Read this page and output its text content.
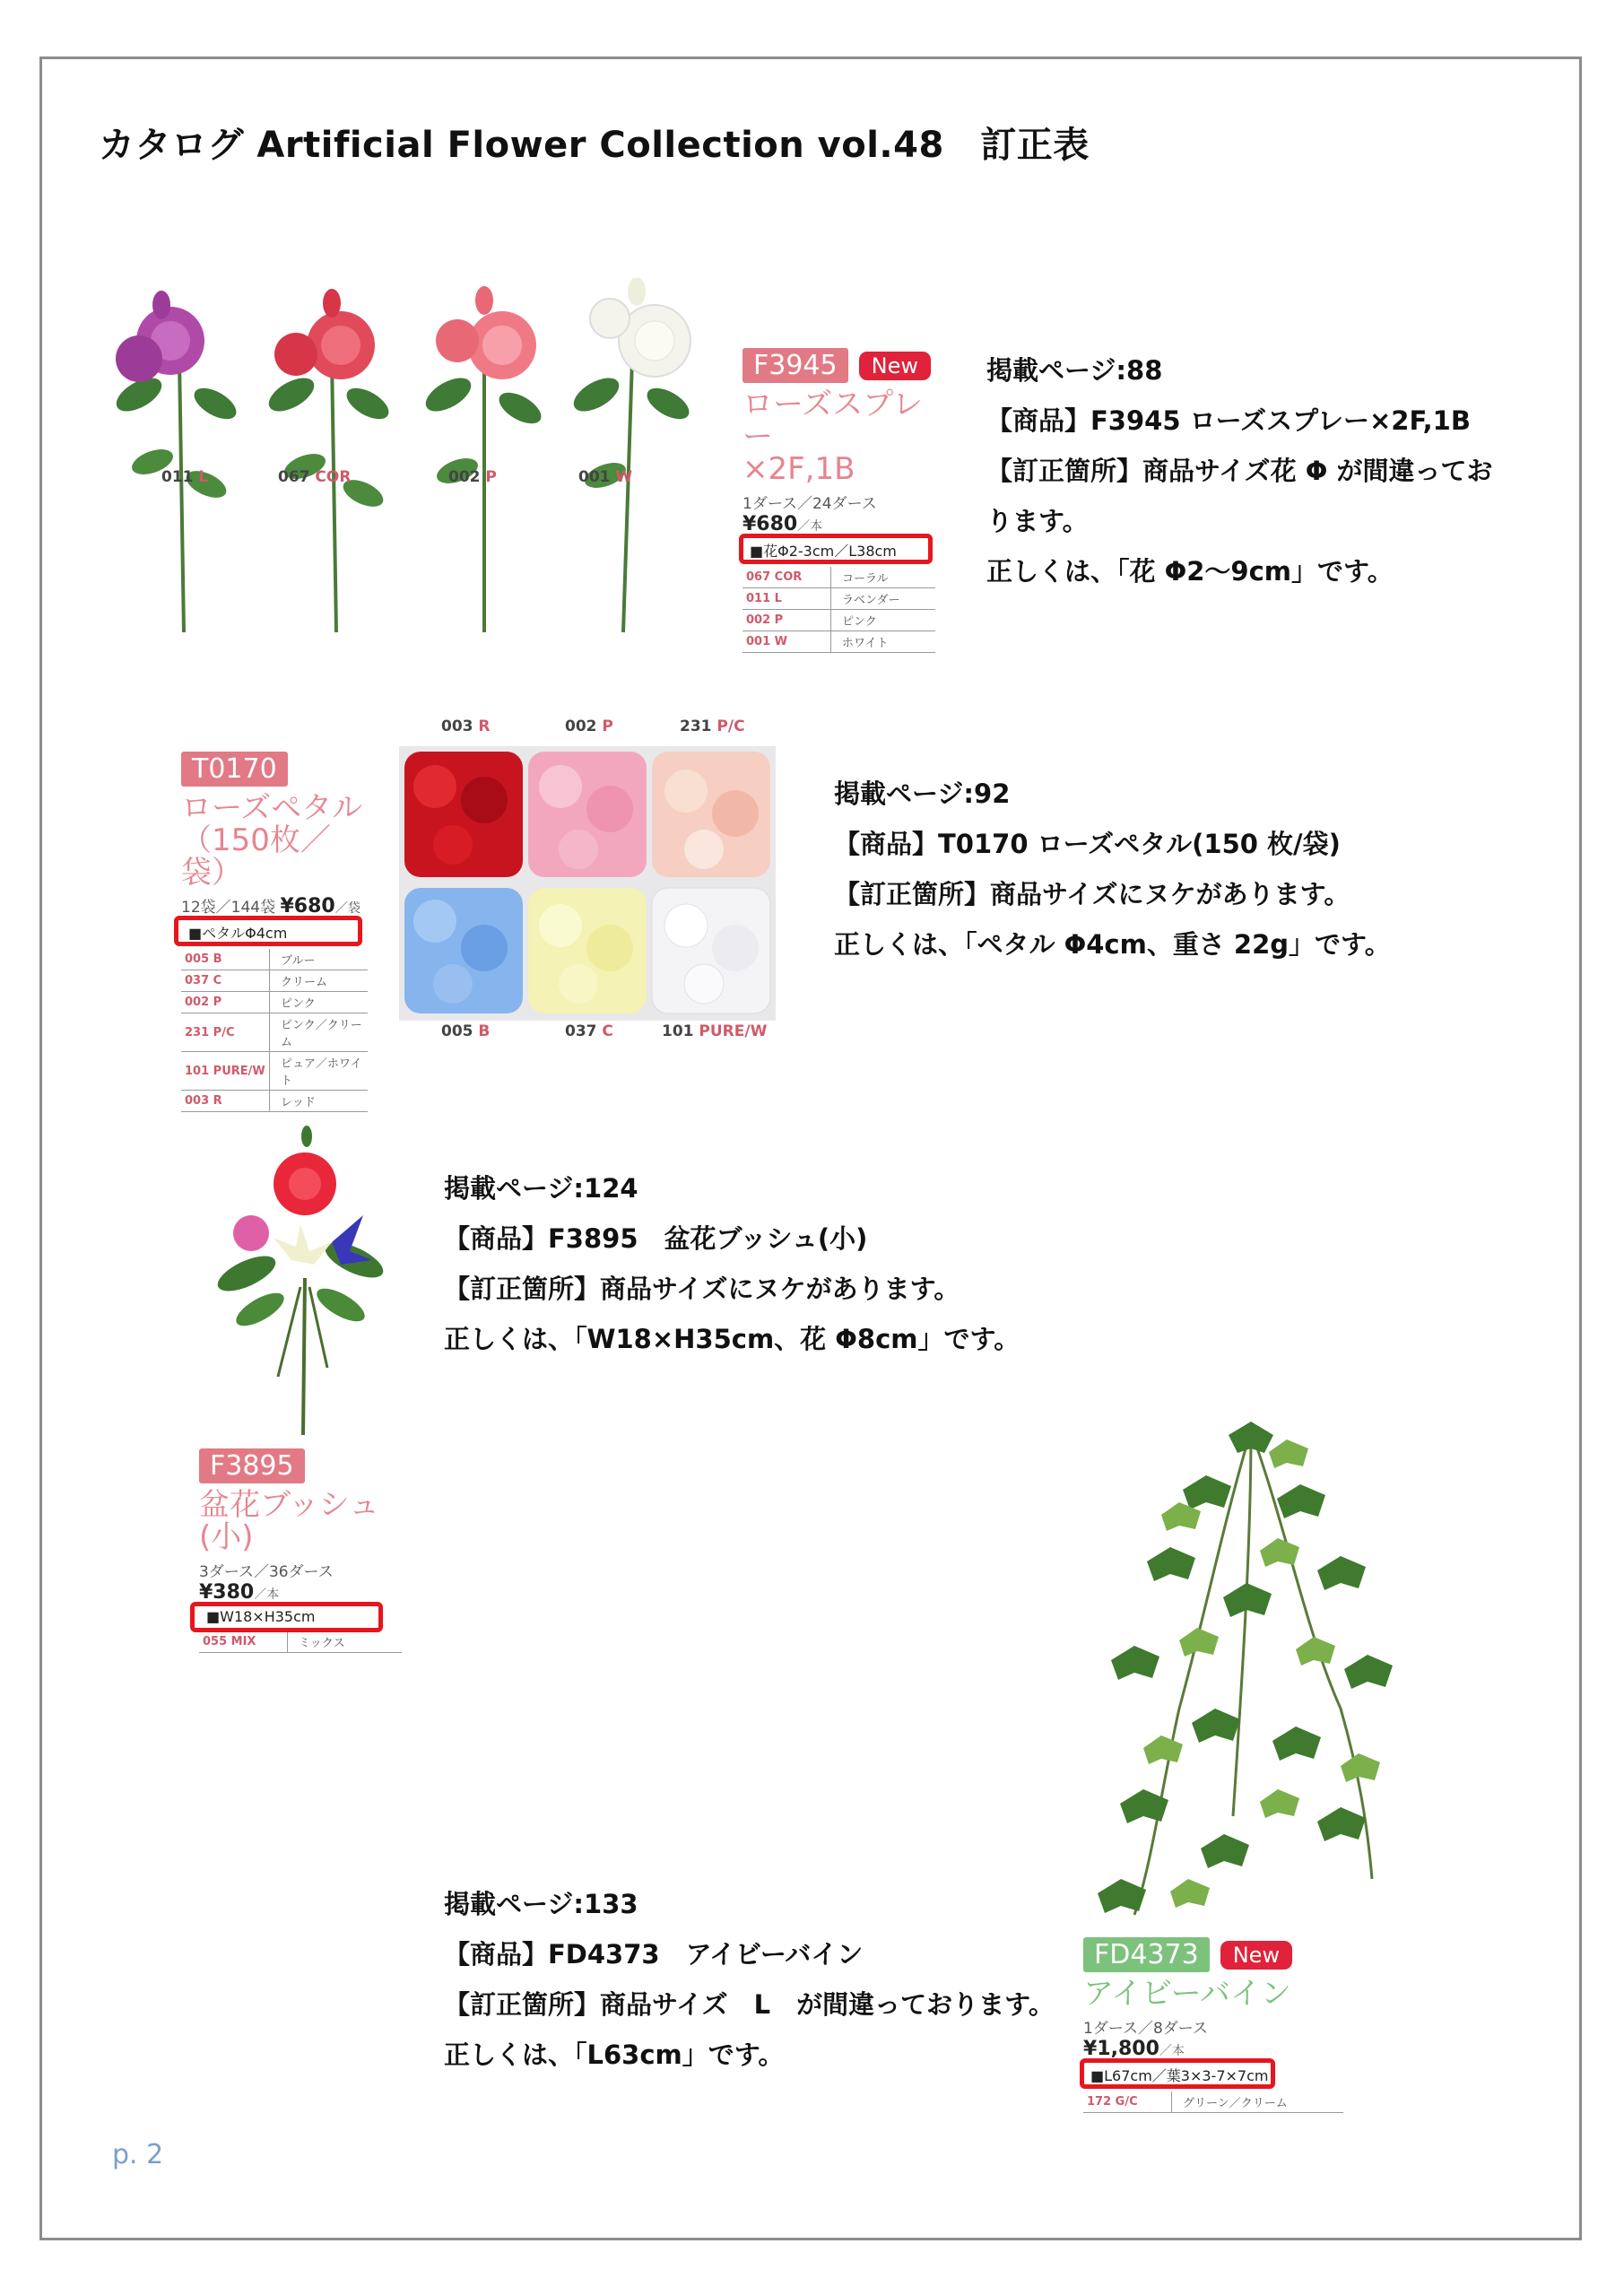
カタログ Artificial Flower Collection vol.48　訂正表
011 L	067 COR	002 P	001 W
F3945 New
ローズスプレー
×2F,1B
1ダース／24ダース
¥680／本
■花Φ2-3cm／L38cm
067 COR	コーラル
011 L	ラベンダー
002 P	ピンク
001 W	ホワイト
掲載ページ:88
【商品】F3945 ローズスプレー×2F,1B
【訂正箇所】商品サイズ花 Φ が間違ってお
ります。
正しくは、「花 Φ2～9cm」です。
T0170
ローズペタル
（150枚／袋）
12袋／144袋 ¥680／袋
■ペタルΦ4cm
005 B	ブルー
037 C	クリーム
002 P	ピンク
231 P/C	ピンク／クリーム
101 PURE/W	ピュア／ホワイト
003 R	レッド
003 R	002 P	231 P/C
005 B	037 C	101 PURE/W
掲載ページ:92
【商品】T0170 ローズペタル(150 枚/袋)
【訂正箇所】商品サイズにヌケがあります。
正しくは、「ペタル Φ4cm、重さ 22g」です。
F3895
盆花ブッシュ(小)
3ダース／36ダース
¥380／本
■W18×H35cm
055 MIX	ミックス
掲載ページ:124
【商品】F3895　盆花ブッシュ(小)
【訂正箇所】商品サイズにヌケがあります。
正しくは、「W18×H35cm、花 Φ8cm」です。
FD4373 New
アイビーバイン
1ダース／8ダース
¥1,800／本
■L67cm／葉3×3-7×7cm
172 G/C	グリーン／クリーム
掲載ページ:133
【商品】FD4373　アイビーバイン
【訂正箇所】商品サイズ　L　が間違っております。
正しくは、「L63cm」です。
p. 2
